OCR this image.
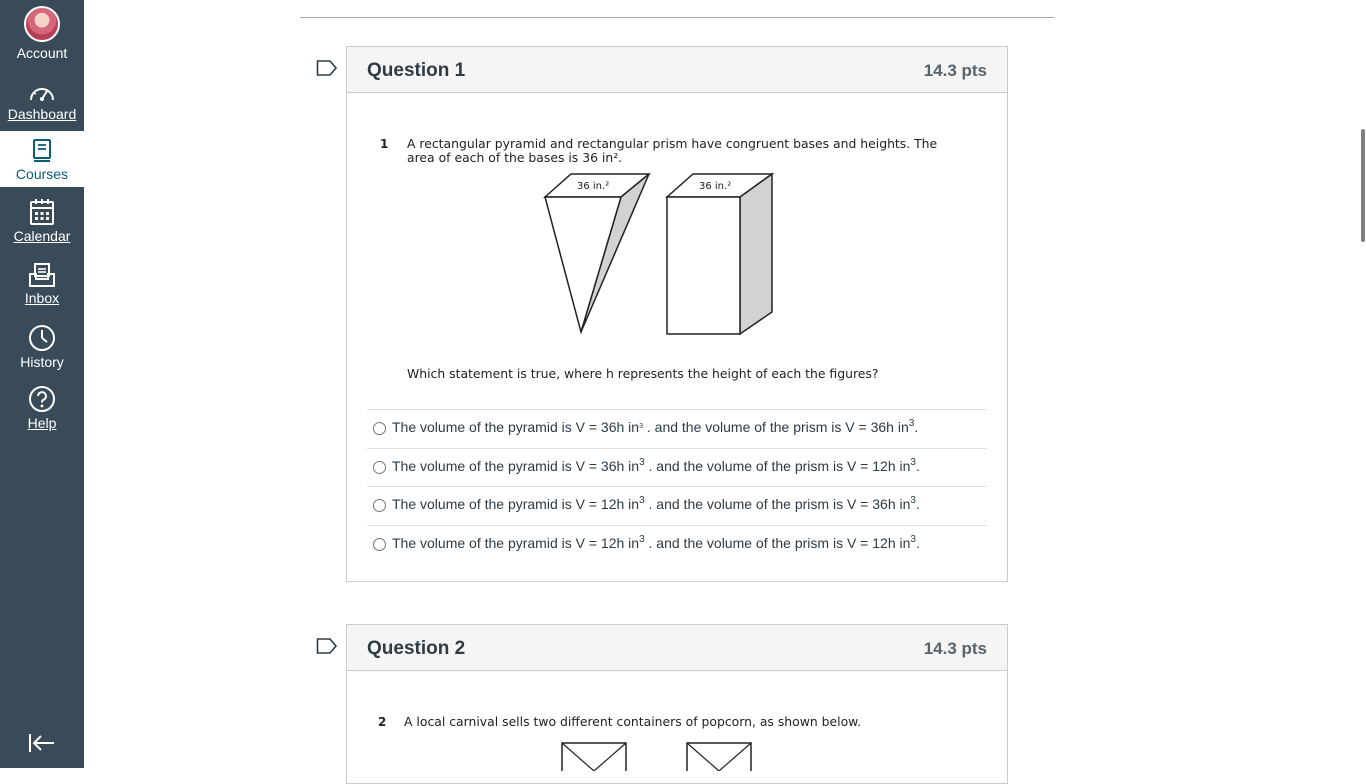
Account
Dashboard
Courses
Calendar
Inbox
History
Help
Question 1	14.3 pts
1 A rectangular pyramid and rectangular prism have congruent bases and heights. The
area of each of the bases is 36 in².
36 in.²	36 in.²
Which statement is true, where h represents the height of each the figures?
The volume of the pyramid is V = 36h $in^3$ . and the volume of the prism is V = 36h $in^3$.
The volume of the pyramid is V = 36h $in^3$ . and the volume of the prism is V = 12h $in^3$.
The volume of the pyramid is V = 12h $in^3$ . and the volume of the prism is V = 36h $in^3$.
The volume of the pyramid is V = 12h $in^3$ . and the volume of the prism is V = 12h $in^3$.
Question 2	14.3 pts
2 A local carnival sells two different containers of popcorn, as shown below.
